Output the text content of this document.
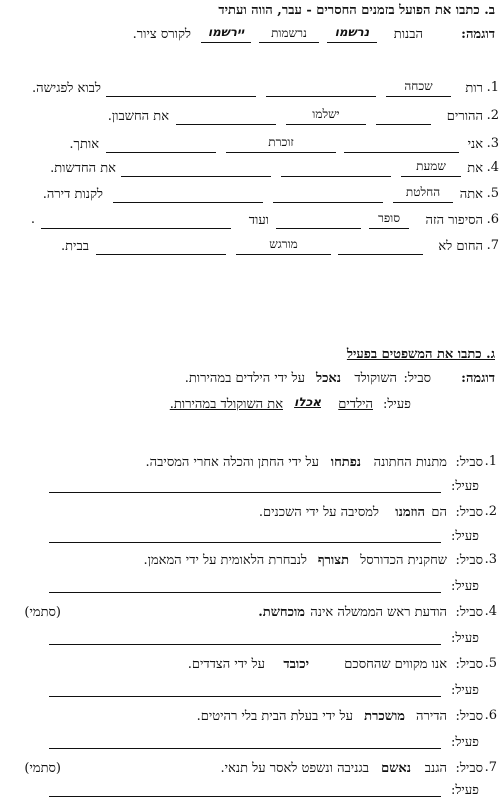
ב. כתבו את הפועל בזמנים החסרים - עבר, הווה ועתיד
דוגמה:
הבנות
נרשמו
נרשמות
יירשמו
לקורס ציור.
1.
רות
שכחה
לבוא לפגישה.
2.
ההורים
ישלמו
את החשבון.
3.
אני
זוכרת
אותך.
4.
את
שמעת
את החדשות.
5.
אתה
החלטת
לקנות דירה.
6.
הסיפור הזה
סופר
ועוד
.
7.
החום לא
מורגש
בבית.
ג. כתבו את המשפטים בפעיל
דוגמה:
סביל:
השוקולד
נאכל
על ידי הילדים במהירות.
פעיל:
הילדים
אכלו
את השוקולד במהירות.
1.
סביל:
מתנות החתונה
נפתחו
על ידי החתן והכלה אחרי המסיבה.
פעיל:
2.
סביל:
הם
הוזמנו
למסיבה על ידי השכנים.
פעיל:
3.
סביל:
שחקנית הכדורסל
תצורף
לנבחרת הלאומית על ידי המאמן.
פעיל:
4.
סביל:
הודעת ראש הממשלה אינה
מוכחשת.
(סתמי)
פעיל:
5.
סביל:
אנו מקווים שהחסכם
יכובד
על ידי הצדדים.
פעיל:
6.
סביל:
הדירה
מושכרת
על ידי בעלת הבית בלי רהיטים.
פעיל:
7.
סביל:
הגנב
נאשם
בגניבה ונשפט לאסר על תנאי.
(סתמי)
פעיל:
